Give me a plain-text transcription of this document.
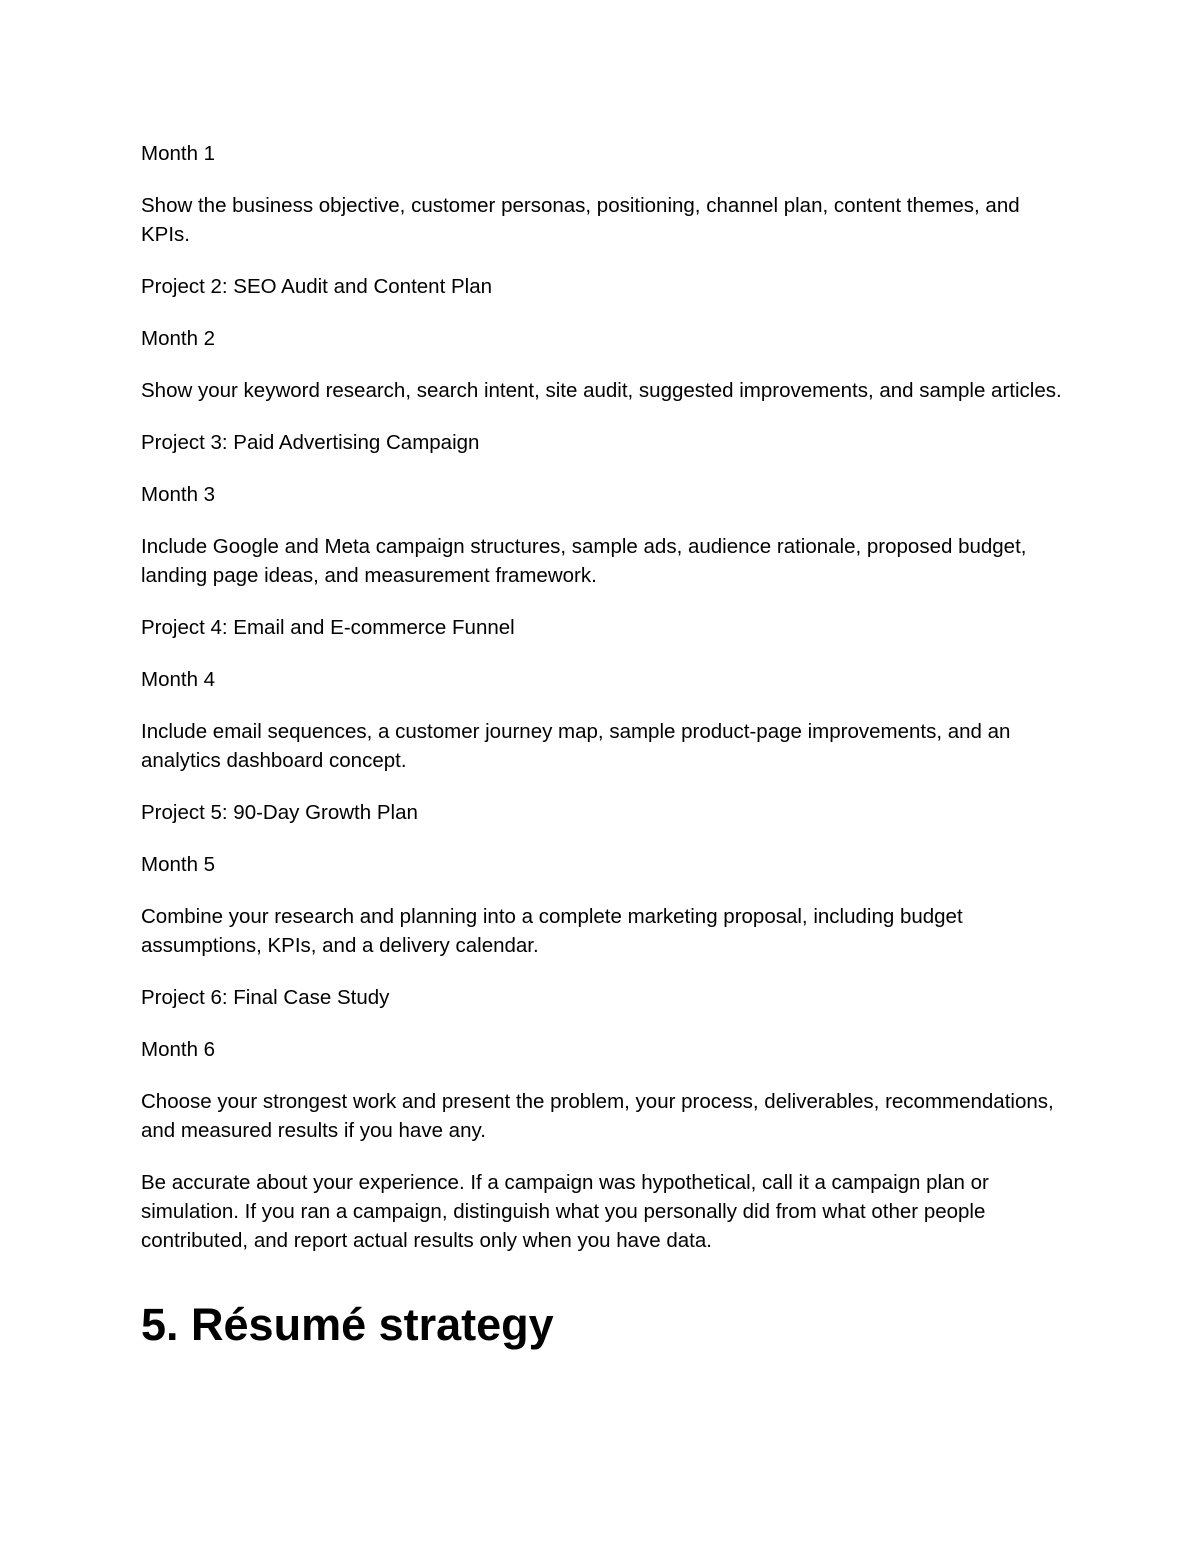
Month 1

Show the business objective, customer personas, positioning, channel plan, content themes, and KPIs.

Project 2: SEO Audit and Content Plan

Month 2

Show your keyword research, search intent, site audit, suggested improvements, and sample articles.

Project 3: Paid Advertising Campaign

Month 3

Include Google and Meta campaign structures, sample ads, audience rationale, proposed budget, landing page ideas, and measurement framework.

Project 4: Email and E-commerce Funnel

Month 4

Include email sequences, a customer journey map, sample product-page improvements, and an analytics dashboard concept.

Project 5: 90-Day Growth Plan

Month 5

Combine your research and planning into a complete marketing proposal, including budget assumptions, KPIs, and a delivery calendar.

Project 6: Final Case Study

Month 6

Choose your strongest work and present the problem, your process, deliverables, recommendations, and measured results if you have any.

Be accurate about your experience. If a campaign was hypothetical, call it a campaign plan or simulation. If you ran a campaign, distinguish what you personally did from what other people contributed, and report actual results only when you have data.

5. Résumé strategy
